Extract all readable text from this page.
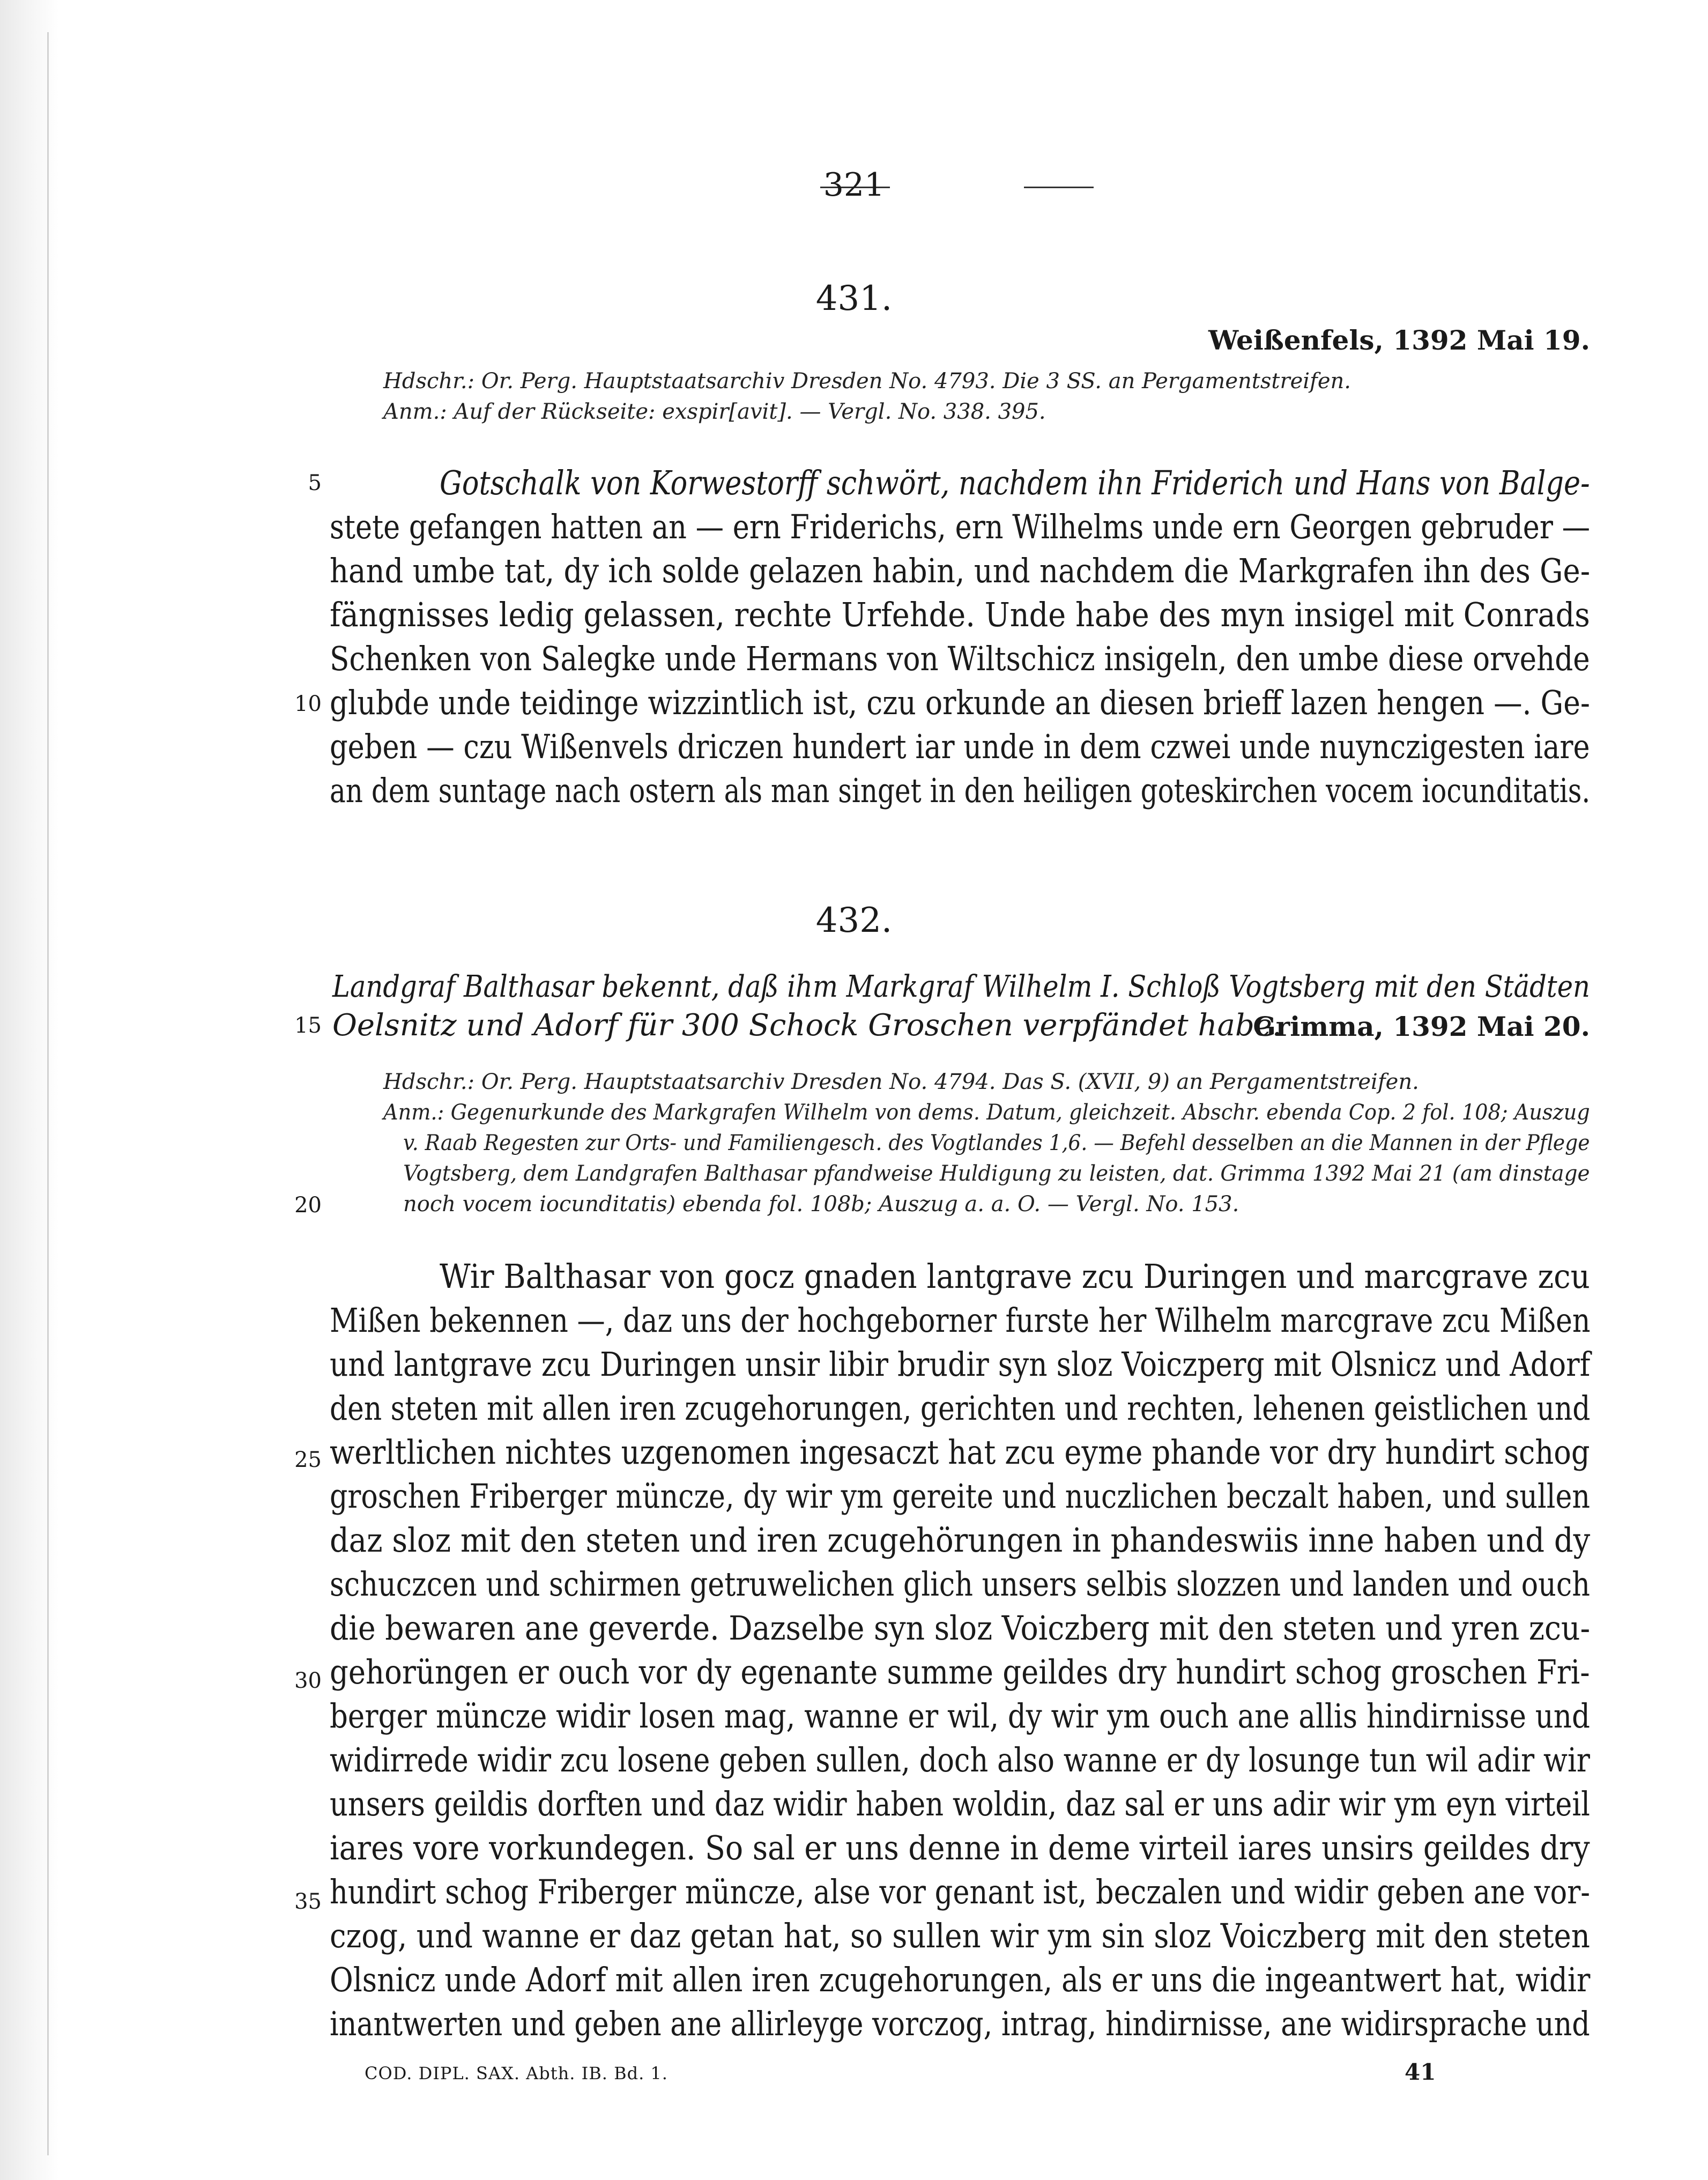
321
431.
Weißenfels, 1392 Mai 19.
Hdschr.: Or. Perg. Hauptstaatsarchiv Dresden No. 4793. Die 3 SS. an Pergamentstreifen.
Anm.: Auf der Rückseite: exspir[avit]. — Vergl. No. 338. 395.
5
10
Gotschalk von Korwestorff schwört, nachdem ihn Friderich und Hans von Balge-
stete gefangen hatten an — ern Friderichs, ern Wilhelms unde ern Georgen gebruder —
hand umbe tat, dy ich solde gelazen habin, und nachdem die Markgrafen ihn des Ge-
fängnisses ledig gelassen, rechte Urfehde. Unde habe des myn insigel mit Conrads
Schenken von Salegke unde Hermans von Wiltschicz insigeln, den umbe diese orvehde
glubde unde teidinge wizzintlich ist, czu orkunde an diesen brieff lazen hengen —. Ge-
geben — czu Wißenvels driczen hundert iar unde in dem czwei unde nuynczigesten iare
an dem suntage nach ostern als man singet in den heiligen goteskirchen vocem iocunditatis.
432.
Landgraf Balthasar bekennt, daß ihm Markgraf Wilhelm I. Schloß Vogtsberg mit den Städten
15 Oelsnitz und Adorf für 300 Schock Groschen verpfändet habe.
Grimma, 1392 Mai 20.
Hdschr.: Or. Perg. Hauptstaatsarchiv Dresden No. 4794. Das S. (XVII, 9) an Pergamentstreifen.
Anm.: Gegenurkunde des Markgrafen Wilhelm von dems. Datum, gleichzeit. Abschr. ebenda Cop. 2 fol. 108; Auszug
v. Raab Regesten zur Orts- und Familiengesch. des Vogtlandes 1,6. — Befehl desselben an die Mannen in der Pflege
Vogtsberg, dem Landgrafen Balthasar pfandweise Huldigung zu leisten, dat. Grimma 1392 Mai 21 (am dinstage
20	noch vocem iocunditatis) ebenda fol. 108b; Auszug a. a. O. — Vergl. No. 153.
25
30
35
Wir Balthasar von gocz gnaden lantgrave zcu Duringen und marcgrave zcu
Mißen bekennen —, daz uns der hochgeborner furste her Wilhelm marcgrave zcu Mißen
und lantgrave zcu Duringen unsir libir brudir syn sloz Voiczperg mit Olsnicz und Adorf
den steten mit allen iren zcugehorungen, gerichten und rechten, lehenen geistlichen und
werltlichen nichtes uzgenomen ingesaczt hat zcu eyme phande vor dry hundirt schog
groschen Friberger müncze, dy wir ym gereite und nuczlichen beczalt haben, und sullen
daz sloz mit den steten und iren zcugehörungen in phandeswiis inne haben und dy
schuczcen und schirmen getruwelichen glich unsers selbis slozzen und landen und ouch
die bewaren ane geverde. Dazselbe syn sloz Voiczberg mit den steten und yren zcu-
gehorüngen er ouch vor dy egenante summe geildes dry hundirt schog groschen Fri-
berger müncze widir losen mag, wanne er wil, dy wir ym ouch ane allis hindirnisse und
widirrede widir zcu losene geben sullen, doch also wanne er dy losunge tun wil adir wir
unsers geildis dorften und daz widir haben woldin, daz sal er uns adir wir ym eyn virteil
iares vore vorkundegen. So sal er uns denne in deme virteil iares unsirs geildes dry
hundirt schog Friberger müncze, alse vor genant ist, beczalen und widir geben ane vor-
czog, und wanne er daz getan hat, so sullen wir ym sin sloz Voiczberg mit den steten
Olsnicz unde Adorf mit allen iren zcugehorungen, als er uns die ingeantwert hat, widir
inantwerten und geben ane allirleyge vorczog, intrag, hindirnisse, ane widirsprache und
COD. DIPL. SAX. Abth. IB. Bd. 1.	41
